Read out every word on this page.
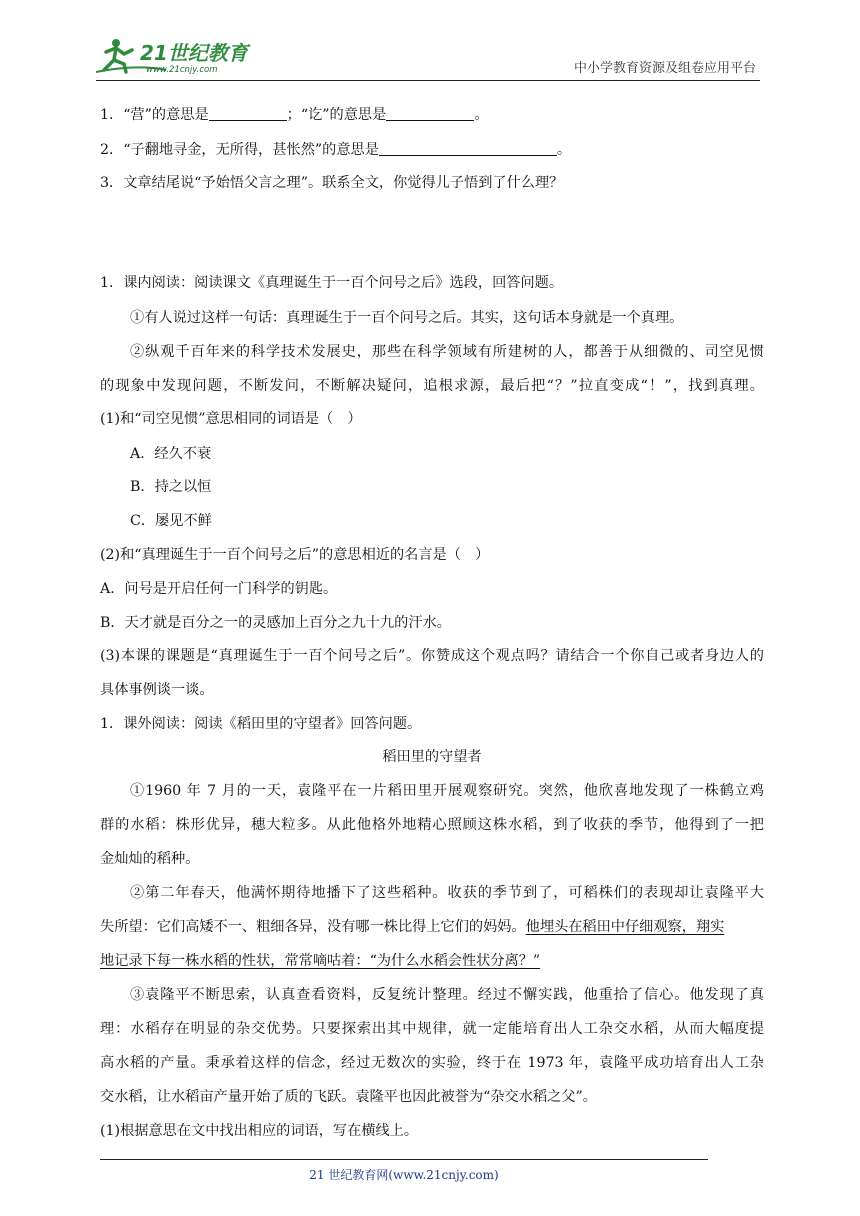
21世纪教育
www.21cnjy.com	中小学教育资源及组卷应用平台
1．“营”的意思是	；“讫”的意思是	。
2．“子翻地寻金，无所得，甚怅然”的意思是	。
3．文章结尾说“予始悟父言之理”。联系全文，你觉得儿子悟到了什么理？
1．课内阅读：阅读课文《真理诞生于一百个问号之后》选段，回答问题。
①有人说过这样一句话：真理诞生于一百个问号之后。其实，这句话本身就是一个真理。
②纵观千百年来的科学技术发展史，那些在科学领域有所建树的人，都善于从细微的、司空见惯
的现象中发现问题，不断发问，不断解决疑问，追根求源，最后把“？”拉直变成“！”，找到真理。
(1)和“司空见惯”意思相同的词语是（　）
A．经久不衰
B．持之以恒
C．屡见不鲜
(2)和“真理诞生于一百个问号之后”的意思相近的名言是（　）
A．问号是开启任何一门科学的钥匙。
B．天才就是百分之一的灵感加上百分之九十九的汗水。
(3)本课的课题是“真理诞生于一百个问号之后”。你赞成这个观点吗？请结合一个你自己或者身边人的
具体事例谈一谈。
1．课外阅读：阅读《稻田里的守望者》回答问题。
稻田里的守望者
①1960 年 7 月的一天，袁隆平在一片稻田里开展观察研究。突然，他欣喜地发现了一株鹤立鸡
群的水稻：株形优异，穗大粒多。从此他格外地精心照顾这株水稻，到了收获的季节，他得到了一把
金灿灿的稻种。
②第二年春天，他满怀期待地播下了这些稻种。收获的季节到了，可稻株们的表现却让袁隆平大
失所望：它们高矮不一、粗细各异，没有哪一株比得上它们的妈妈。他埋头在稻田中仔细观察，翔实
地记录下每一株水稻的性状，常常嘀咕着：“为什么水稻会性状分离？”
③袁隆平不断思索，认真查看资料，反复统计整理。经过不懈实践，他重拾了信心。他发现了真
理：水稻存在明显的杂交优势。只要探索出其中规律，就一定能培育出人工杂交水稻，从而大幅度提
高水稻的产量。秉承着这样的信念，经过无数次的实验，终于在 1973 年，袁隆平成功培育出人工杂
交水稻，让水稻亩产量开始了质的飞跃。袁隆平也因此被誉为“杂交水稻之父”。
(1)根据意思在文中找出相应的词语，写在横线上。
21 世纪教育网(www.21cnjy.com)
